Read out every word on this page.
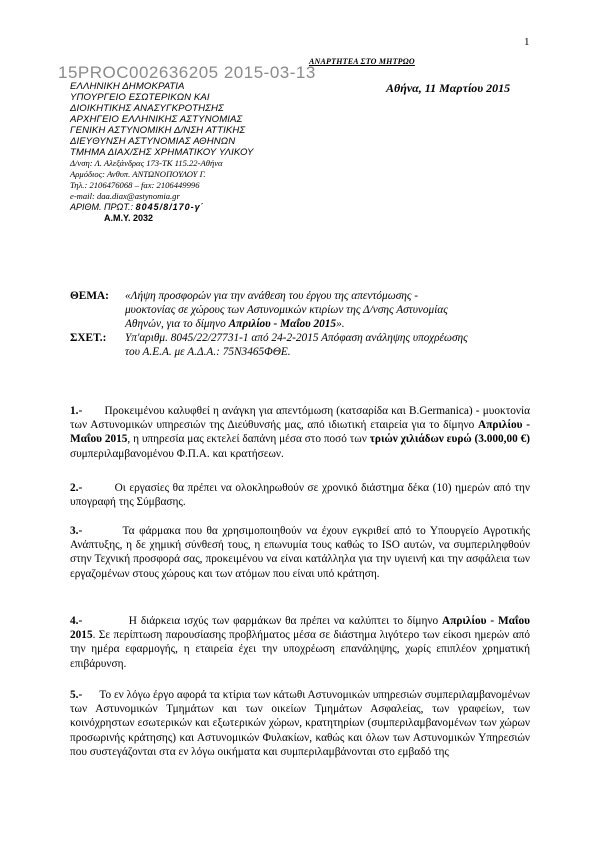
1
ΑΝΑΡΤΗΤΕΑ ΣΤΟ ΜΗΤΡΩΟ
15PROC002636205 2015-03-13
Αθήνα, 11 Μαρτίου 2015
ΕΛΛΗΝΙΚΗ ΔΗΜΟΚΡΑΤΙΑ
ΥΠΟΥΡΓΕΙΟ ΕΣΩΤΕΡΙΚΩΝ ΚΑΙ
ΔΙΟΙΚΗΤΙΚΗΣ ΑΝΑΣΥΓΚΡΟΤΗΣΗΣ
ΑΡΧΗΓΕΙΟ ΕΛΛΗΝΙΚΗΣ ΑΣΤΥΝΟΜΙΑΣ
ΓΕΝΙΚΗ ΑΣΤΥΝΟΜΙΚΗ Δ/ΝΣΗ ΑΤΤΙΚΗΣ
ΔΙΕΥΘΥΝΣΗ ΑΣΤΥΝΟΜΙΑΣ ΑΘΗΝΩΝ
ΤΜΗΜΑ ΔΙΑΧ/ΣΗΣ ΧΡΗΜΑΤΙΚΟΥ ΥΛΙΚΟΥ
Δ/νση: Λ. Αλεξάνδρας 173-ΤΚ 115.22-Αθήνα
Αρμόδιος: Ανθυπ. ΑΝΤΩΝΟΠΟΥΛΟΥ Γ.
Τηλ.: 2106476068 – fax: 2106449996
e-mail: daa.diax@astynomia.gr
ΑΡΙΘΜ. ΠΡΩΤ.: 8045/8/170-γ΄
Α.Μ.Υ. 2032
ΘΕΜΑ: «Λήψη προσφορών για την ανάθεση του έργου της απεντόμωσης -
μυοκτονίας σε χώρους των Αστυνομικών κτιρίων της Δ/νσης Αστυνομίας
Αθηνών, για το δίμηνο Απριλίου - Μαΐου 2015».
ΣΧΕΤ.: Υπ'αριθμ. 8045/22/27731-1 από 24-2-2015 Απόφαση ανάληψης υποχρέωσης
του Α.Ε.Α. με Α.Δ.Α.: 75Ν3465ΦΘΕ.
1.- Προκειμένου καλυφθεί η ανάγκη για απεντόμωση (κατσαρίδα και B.Germanica) - μυοκτονία των Αστυνομικών υπηρεσιών της Διεύθυνσής μας, από ιδιωτική εταιρεία για το δίμηνο Απριλίου - Μαΐου 2015, η υπηρεσία μας εκτελεί δαπάνη μέσα στο ποσό των τριών χιλιάδων ευρώ (3.000,00 €) συμπεριλαμβανομένου Φ.Π.Α. και κρατήσεων.
2.-	Οι εργασίες θα πρέπει να ολοκληρωθούν σε χρονικό διάστημα δέκα (10) ημερών από την υπογραφή της Σύμβασης.
3.-	Τα φάρμακα που θα χρησιμοποιηθούν να έχουν εγκριθεί από το Υπουργείο Αγροτικής Ανάπτυξης, η δε χημική σύνθεσή τους, η επωνυμία τους καθώς το ISO αυτών, να συμπεριληφθούν στην Τεχνική προσφορά σας, προκειμένου να είναι κατάλληλα για την υγιεινή και την ασφάλεια των εργαζομένων στους χώρους και των ατόμων που είναι υπό κράτηση.
4.-	Η διάρκεια ισχύς των φαρμάκων θα πρέπει να καλύπτει το δίμηνο Απριλίου - Μαΐου 2015. Σε περίπτωση παρουσίασης προβλήματος μέσα σε διάστημα λιγότερο των είκοσι ημερών από την ημέρα εφαρμογής, η εταιρεία έχει την υποχρέωση επανάληψης, χωρίς επιπλέον χρηματική επιβάρυνση.
5.- Το εν λόγω έργο αφορά τα κτίρια των κάτωθι Αστυνομικών υπηρεσιών συμπεριλαμβανομένων των Αστυνομικών Τμημάτων και των οικείων Τμημάτων Ασφαλείας, των γραφείων, των κοινόχρηστων εσωτερικών και εξωτερικών χώρων, κρατητηρίων (συμπεριλαμβανομένων των χώρων προσωρινής κράτησης) και Αστυνομικών Φυλακίων, καθώς και όλων των Αστυνομικών Υπηρεσιών που συστεγάζονται στα εν λόγω οικήματα και συμπεριλαμβάνονται στο εμβαδό της
